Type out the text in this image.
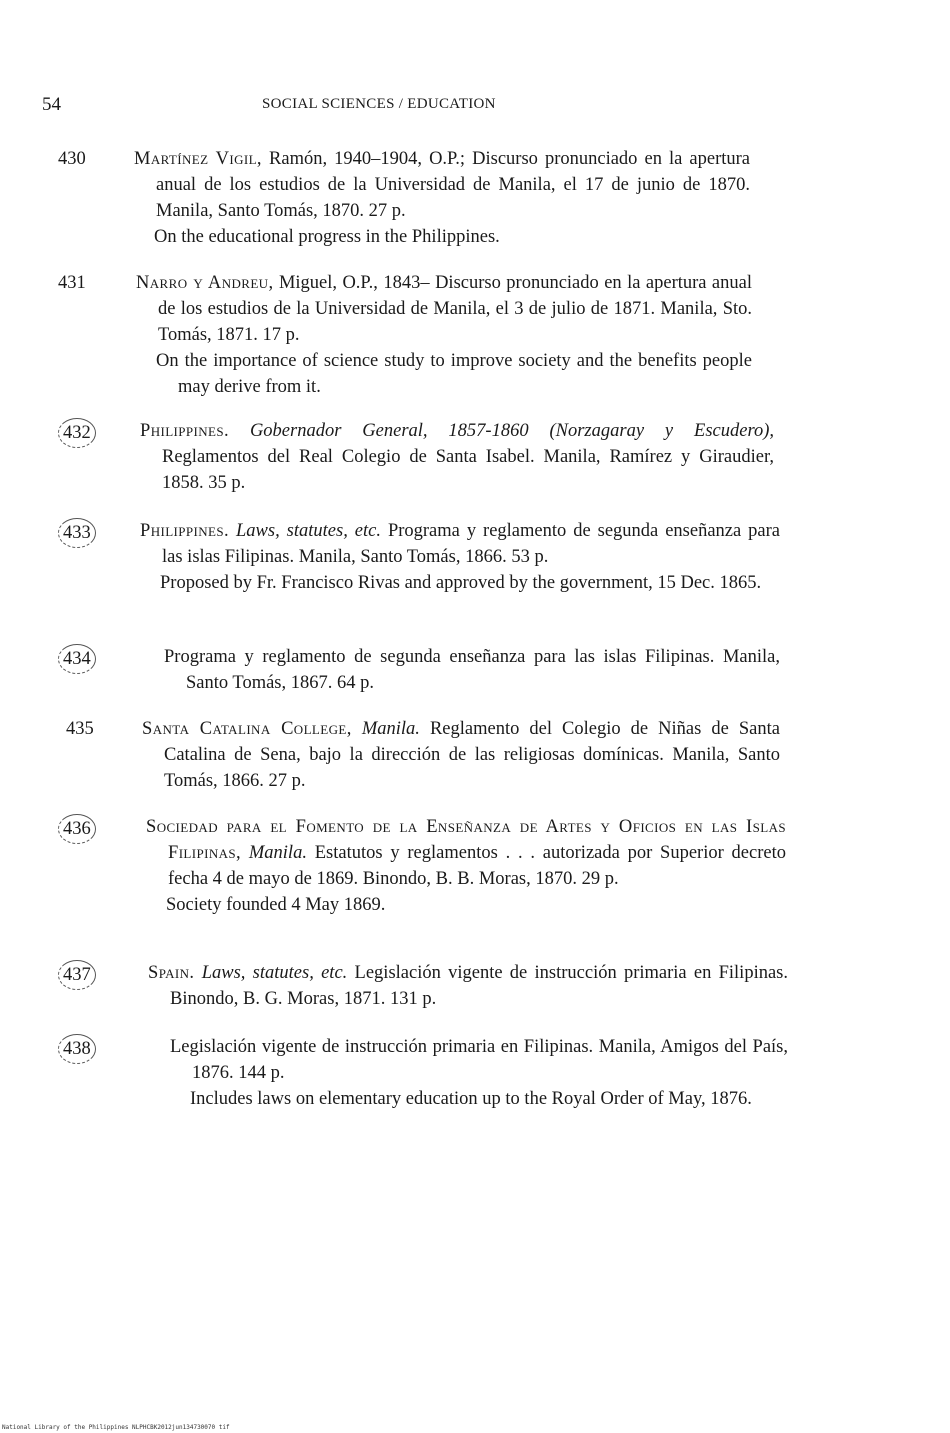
54	SOCIAL SCIENCES / EDUCATION
430	Martínez Vigil, Ramón, 1940–1904, O.P.; Discurso pronunciado en la apertura anual de los estudios de la Universidad de Manila, el 17 de junio de 1870. Manila, Santo Tomás, 1870. 27 p.
On the educational progress in the Philippines.
431	Narro y Andreu, Miguel, O.P., 1843– Discurso pronunciado en la apertura anual de los estudios de la Universidad de Manila, el 3 de julio de 1871. Manila, Sto. Tomás, 1871. 17 p.
On the importance of science study to improve society and the benefits people may derive from it.
432	Philippines. Gobernador General, 1857-1860 (Norzagaray y Escudero), Reglamentos del Real Colegio de Santa Isabel. Manila, Ramírez y Giraudier, 1858. 35 p.
433	Philippines. Laws, statutes, etc. Programa y reglamento de segunda enseñanza para las islas Filipinas. Manila, Santo Tomás, 1866. 53 p.
Proposed by Fr. Francisco Rivas and approved by the government, 15 Dec. 1865.
434	Programa y reglamento de segunda enseñanza para las islas Filipinas. Manila, Santo Tomás, 1867. 64 p.
435	Santa Catalina College, Manila. Reglamento del Colegio de Niñas de Santa Catalina de Sena, bajo la dirección de las religiosas domínicas. Manila, Santo Tomás, 1866. 27 p.
436	Sociedad para el Fomento de la Enseñanza de Artes y Oficios en las Islas Filipinas, Manila. Estatutos y reglamentos . . . autorizada por Superior decreto fecha 4 de mayo de 1869. Binondo, B. B. Moras, 1870. 29 p.
Society founded 4 May 1869.
437	Spain. Laws, statutes, etc. Legislación vigente de instrucción primaria en Filipinas. Binondo, B. G. Moras, 1871. 131 p.
438	Legislación vigente de instrucción primaria en Filipinas. Manila, Amigos del País, 1876. 144 p.
Includes laws on elementary education up to the Royal Order of May, 1876.
National Library of the Philippines NLPHCBK2012jun134730070 tif
